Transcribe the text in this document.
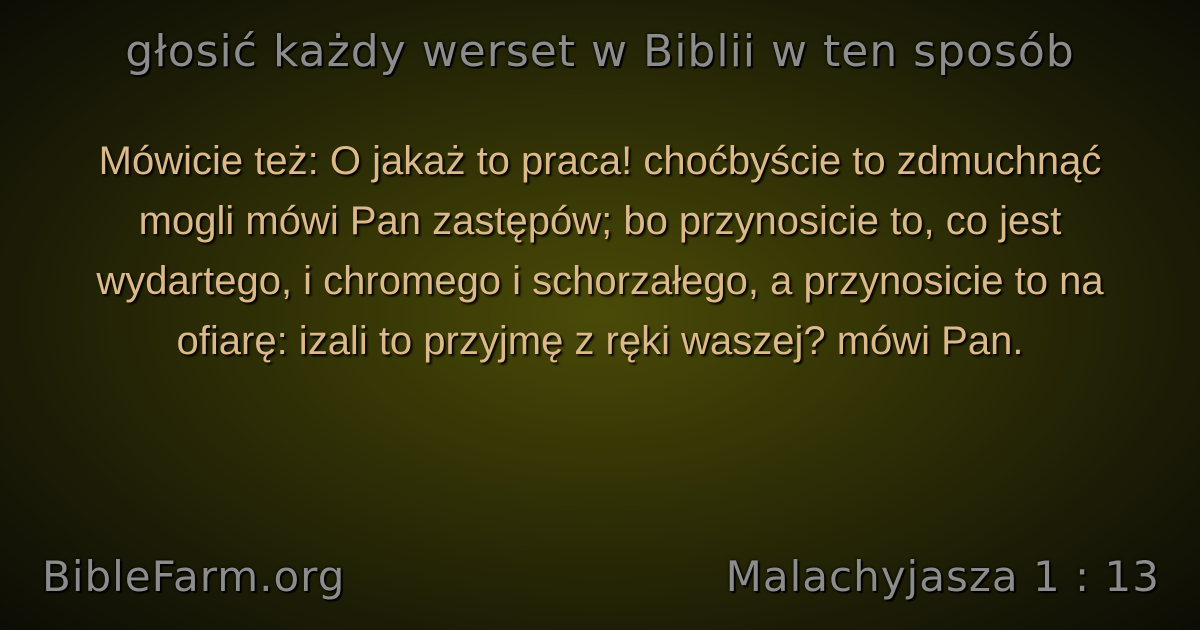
głosić każdy werset w Biblii w ten sposób
Mówicie też: O jakaż to praca! choćbyście to zdmuchnąć mogli mówi Pan zastępów; bo przynosicie to, co jest wydartego, i chromego i schorzałego, a przynosicie to na ofiarę: izali to przyjmę z ręki waszej? mówi Pan.
BibleFarm.org	Malachyjasza 1 : 13
